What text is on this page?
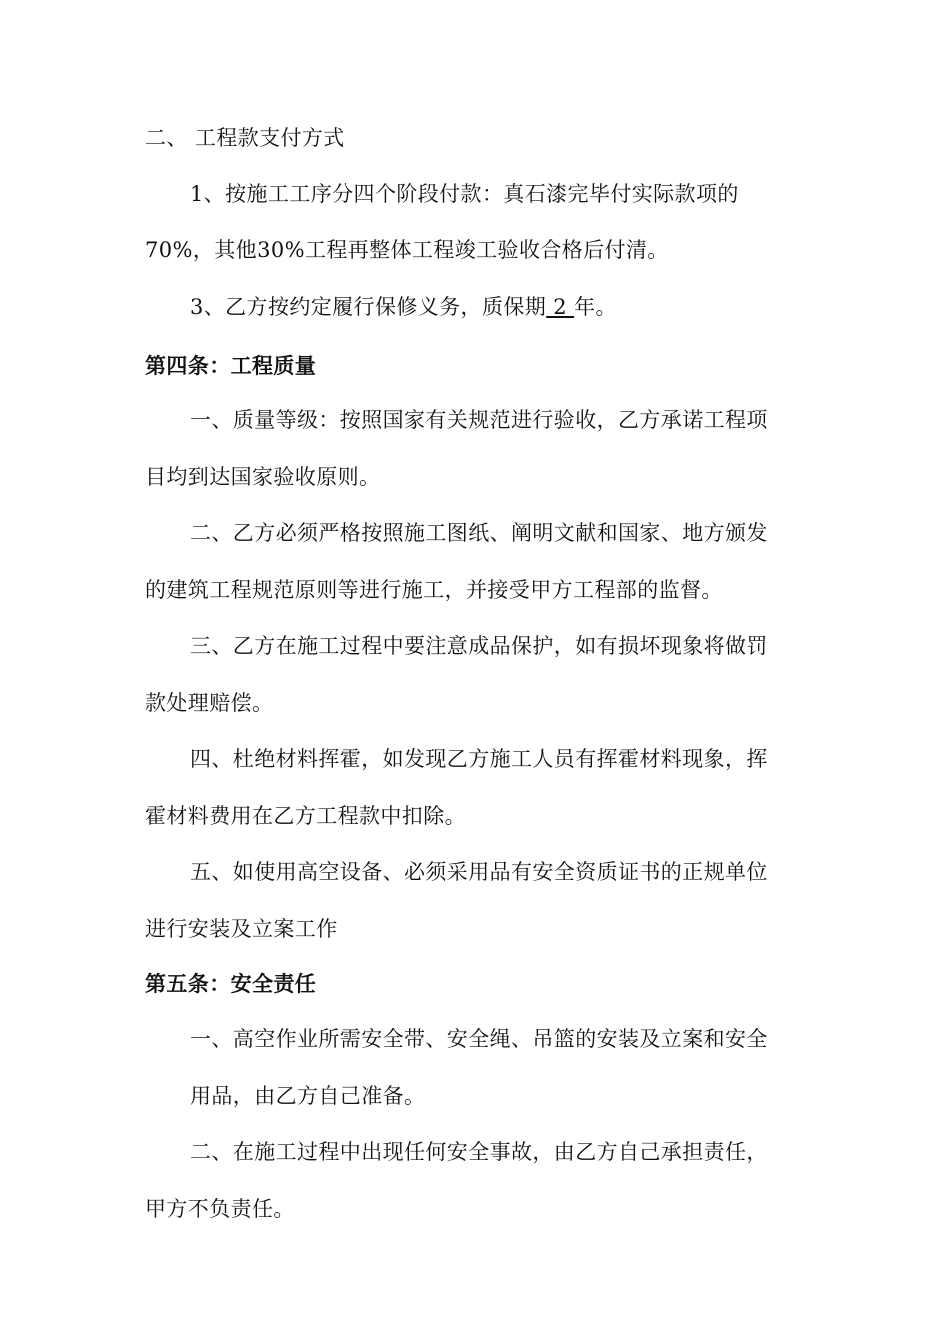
二、 工程款支付方式
1、按施工工序分四个阶段付款：真石漆完毕付实际款项的
70%，其他30%工程再整体工程竣工验收合格后付清。
3、乙方按约定履行保修义务，质保期 2 年。
第四条：工程质量
一、质量等级：按照国家有关规范进行验收，乙方承诺工程项
目均到达国家验收原则。
二、乙方必须严格按照施工图纸、阐明文献和国家、地方颁发
的建筑工程规范原则等进行施工，并接受甲方工程部的监督。
三、乙方在施工过程中要注意成品保护，如有损坏现象将做罚
款处理赔偿。
四、杜绝材料挥霍，如发现乙方施工人员有挥霍材料现象，挥
霍材料费用在乙方工程款中扣除。
五、如使用高空设备、必须采用品有安全资质证书的正规单位
进行安装及立案工作
第五条：安全责任
一、高空作业所需安全带、安全绳、吊篮的安装及立案和安全
用品，由乙方自己准备。
二、在施工过程中出现任何安全事故，由乙方自己承担责任，
甲方不负责任。
